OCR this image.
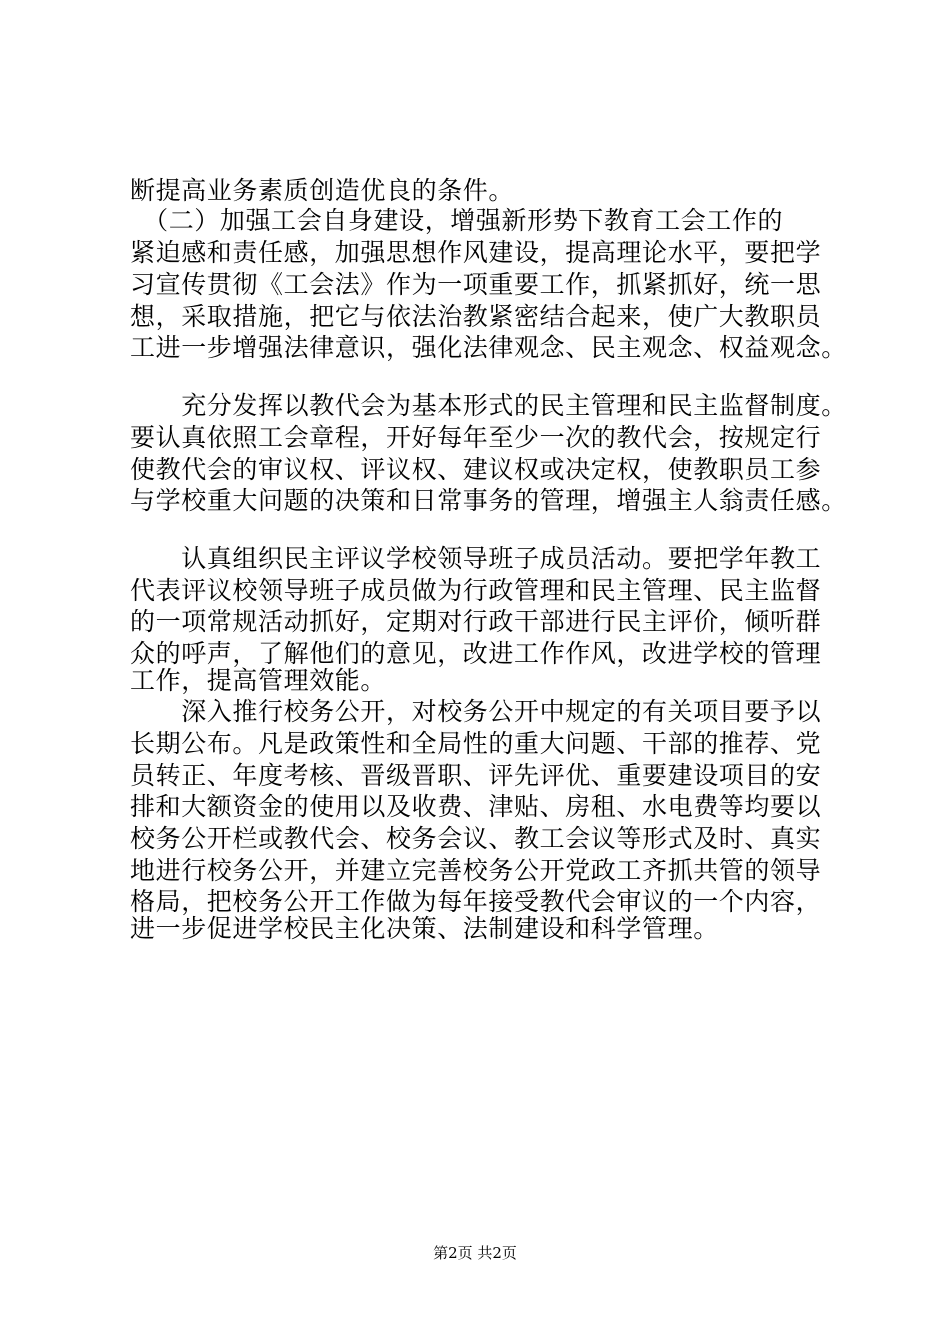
断提高业务素质创造优良的条件。
　（二）加强工会自身建设，增强新形势下教育工会工作的
紧迫感和责任感，加强思想作风建设，提高理论水平，要把学
习宣传贯彻《工会法》作为一项重要工作，抓紧抓好，统一思
想，采取措施，把它与依法治教紧密结合起来，使广大教职员
工进一步增强法律意识，强化法律观念、民主观念、权益观念。
　　充分发挥以教代会为基本形式的民主管理和民主监督制度。
要认真依照工会章程，开好每年至少一次的教代会，按规定行
使教代会的审议权、评议权、建议权或决定权，使教职员工参
与学校重大问题的决策和日常事务的管理，增强主人翁责任感。
　　认真组织民主评议学校领导班子成员活动。要把学年教工
代表评议校领导班子成员做为行政管理和民主管理、民主监督
的一项常规活动抓好，定期对行政干部进行民主评价，倾听群
众的呼声，了解他们的意见，改进工作作风，改进学校的管理
工作，提高管理效能。
　　深入推行校务公开，对校务公开中规定的有关项目要予以
长期公布。凡是政策性和全局性的重大问题、干部的推荐、党
员转正、年度考核、晋级晋职、评先评优、重要建设项目的安
排和大额资金的使用以及收费、津贴、房租、水电费等均要以
校务公开栏或教代会、校务会议、教工会议等形式及时、真实
地进行校务公开，并建立完善校务公开党政工齐抓共管的领导
格局，把校务公开工作做为每年接受教代会审议的一个内容，
进一步促进学校民主化决策、法制建设和科学管理。
第2页 共2页
